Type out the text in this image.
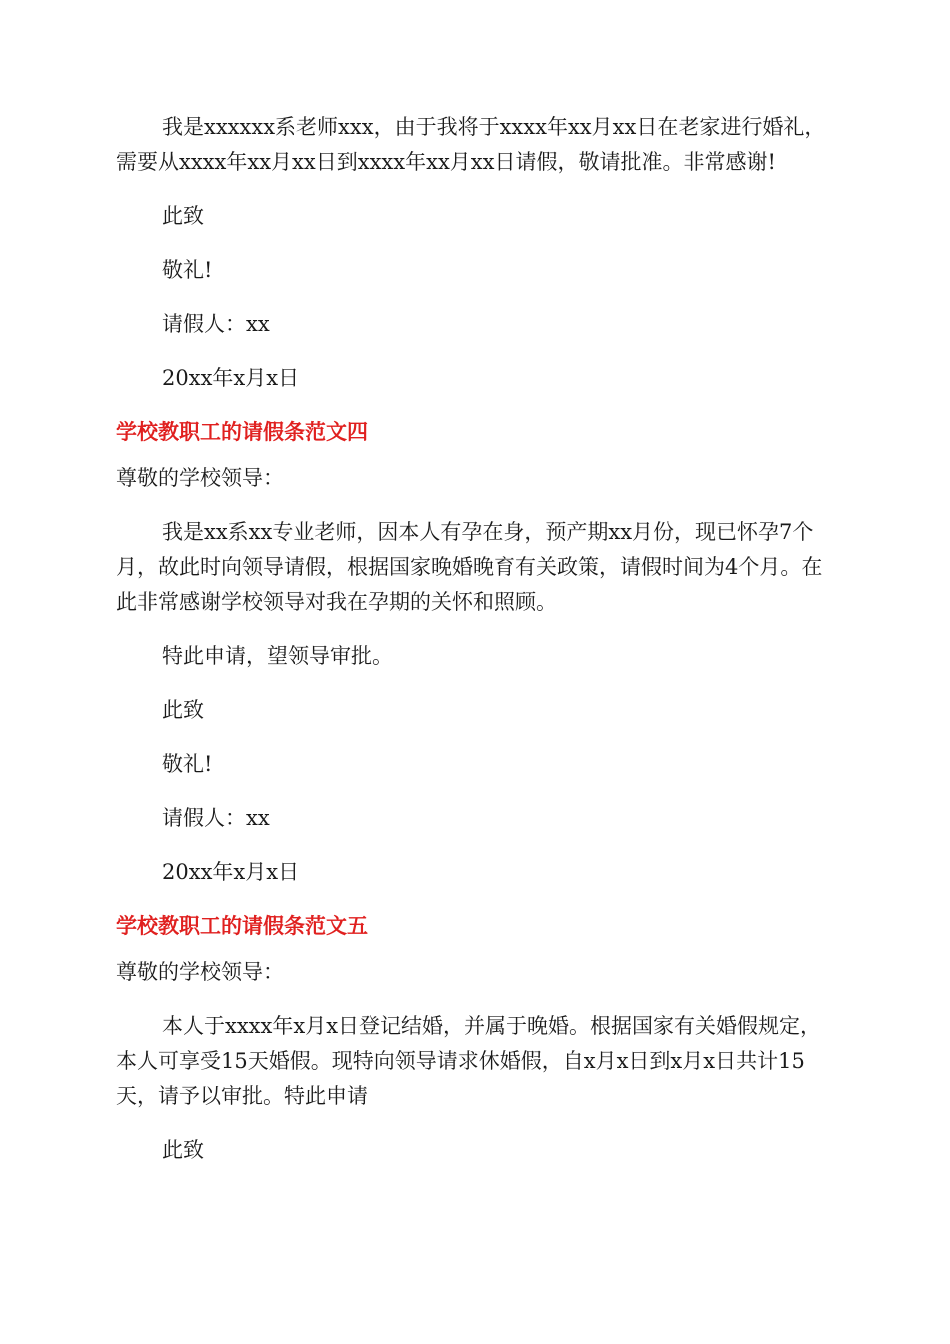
我是xxxxxx系老师xxx，由于我将于xxxx年xx月xx日在老家进行婚礼，需要从xxxx年xx月xx日到xxxx年xx月xx日请假，敬请批准。非常感谢!

此致

敬礼!

请假人：xx

20xx年x月x日

学校教职工的请假条范文四

尊敬的学校领导：

我是xx系xx专业老师，因本人有孕在身，预产期xx月份，现已怀孕7个月，故此时向领导请假，根据国家晚婚晚育有关政策，请假时间为4个月。在此非常感谢学校领导对我在孕期的关怀和照顾。

特此申请，望领导审批。

此致

敬礼!

请假人：xx

20xx年x月x日

学校教职工的请假条范文五

尊敬的学校领导：

本人于xxxx年x月x日登记结婚，并属于晚婚。根据国家有关婚假规定，本人可享受15天婚假。现特向领导请求休婚假，自x月x日到x月x日共计15天，请予以审批。特此申请

此致
